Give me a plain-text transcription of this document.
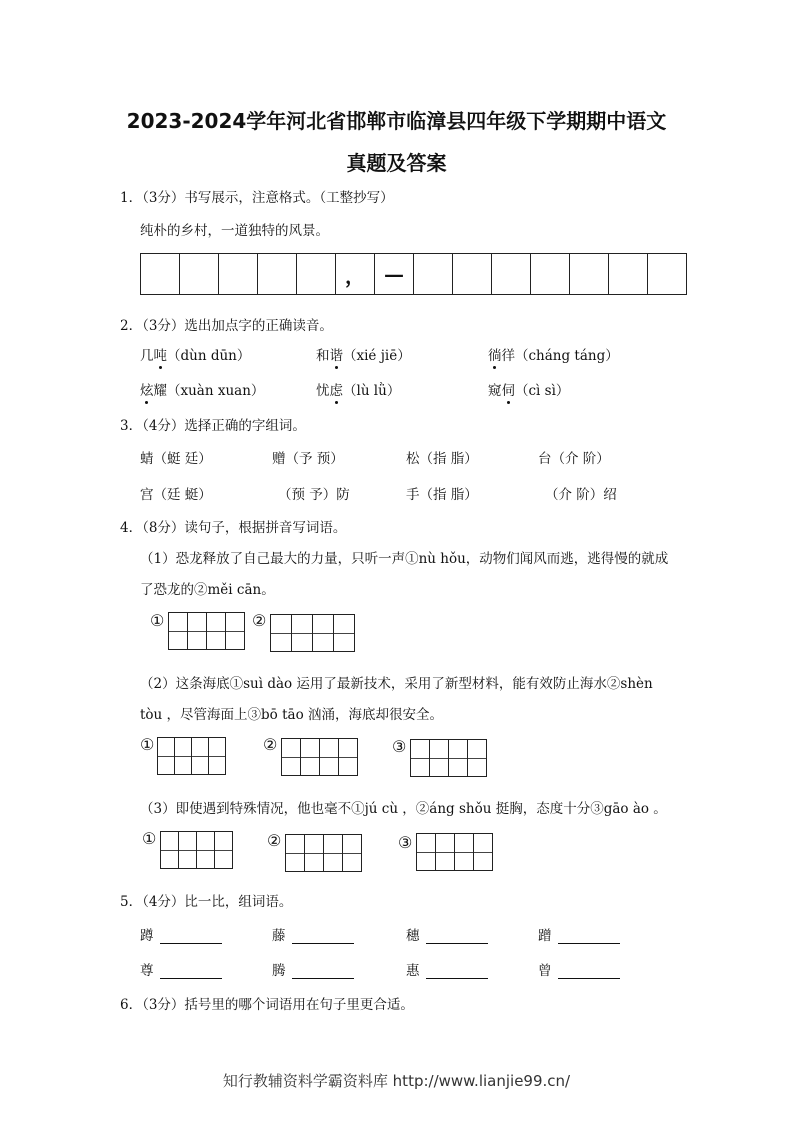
2023-2024学年河北省邯郸市临漳县四年级下学期期中语文
真题及答案
1．（3分）书写展示，注意格式。（工整抄写）
纯朴的乡村，一道独特的风景。
， —
2．（3分）选出加点字的正确读音。
几吨（dùn dūn）	和谐（xié jiē）	徜徉（cháng táng）
炫耀（xuàn xuan）	忧虑（lù lǜ）	窥伺（cì sì）
3．（4分）选择正确的字组词。
蜻（蜓 廷）	赠（予 预）	松（指 脂）	台（介 阶）
宫（廷 蜓）	（预 予）防	手（指 脂）	（介 阶）绍
4．（8分）读句子，根据拼音写词语。
（1）恐龙释放了自己最大的力量，只听一声①nù hǒu，动物们闻风而逃，逃得慢的就成
了恐龙的②měi cān。
①	②
（2）这条海底①suì dào 运用了最新技术，采用了新型材料，能有效防止海水②shèn
tòu ，尽管海面上③bō tāo 汹涌，海底却很安全。
①	②	③
（3）即使遇到特殊情况，他也毫不①jú cù ，②áng shǒu 挺胸，态度十分③gāo ào 。
①	②	③
5．（4分）比一比，组词语。
蹲	藤	穗	蹭
尊	腾	惠	曾
6．（3分）括号里的哪个词语用在句子里更合适。
知行教辅资料学霸资料库 http://www.lianjie99.cn/
